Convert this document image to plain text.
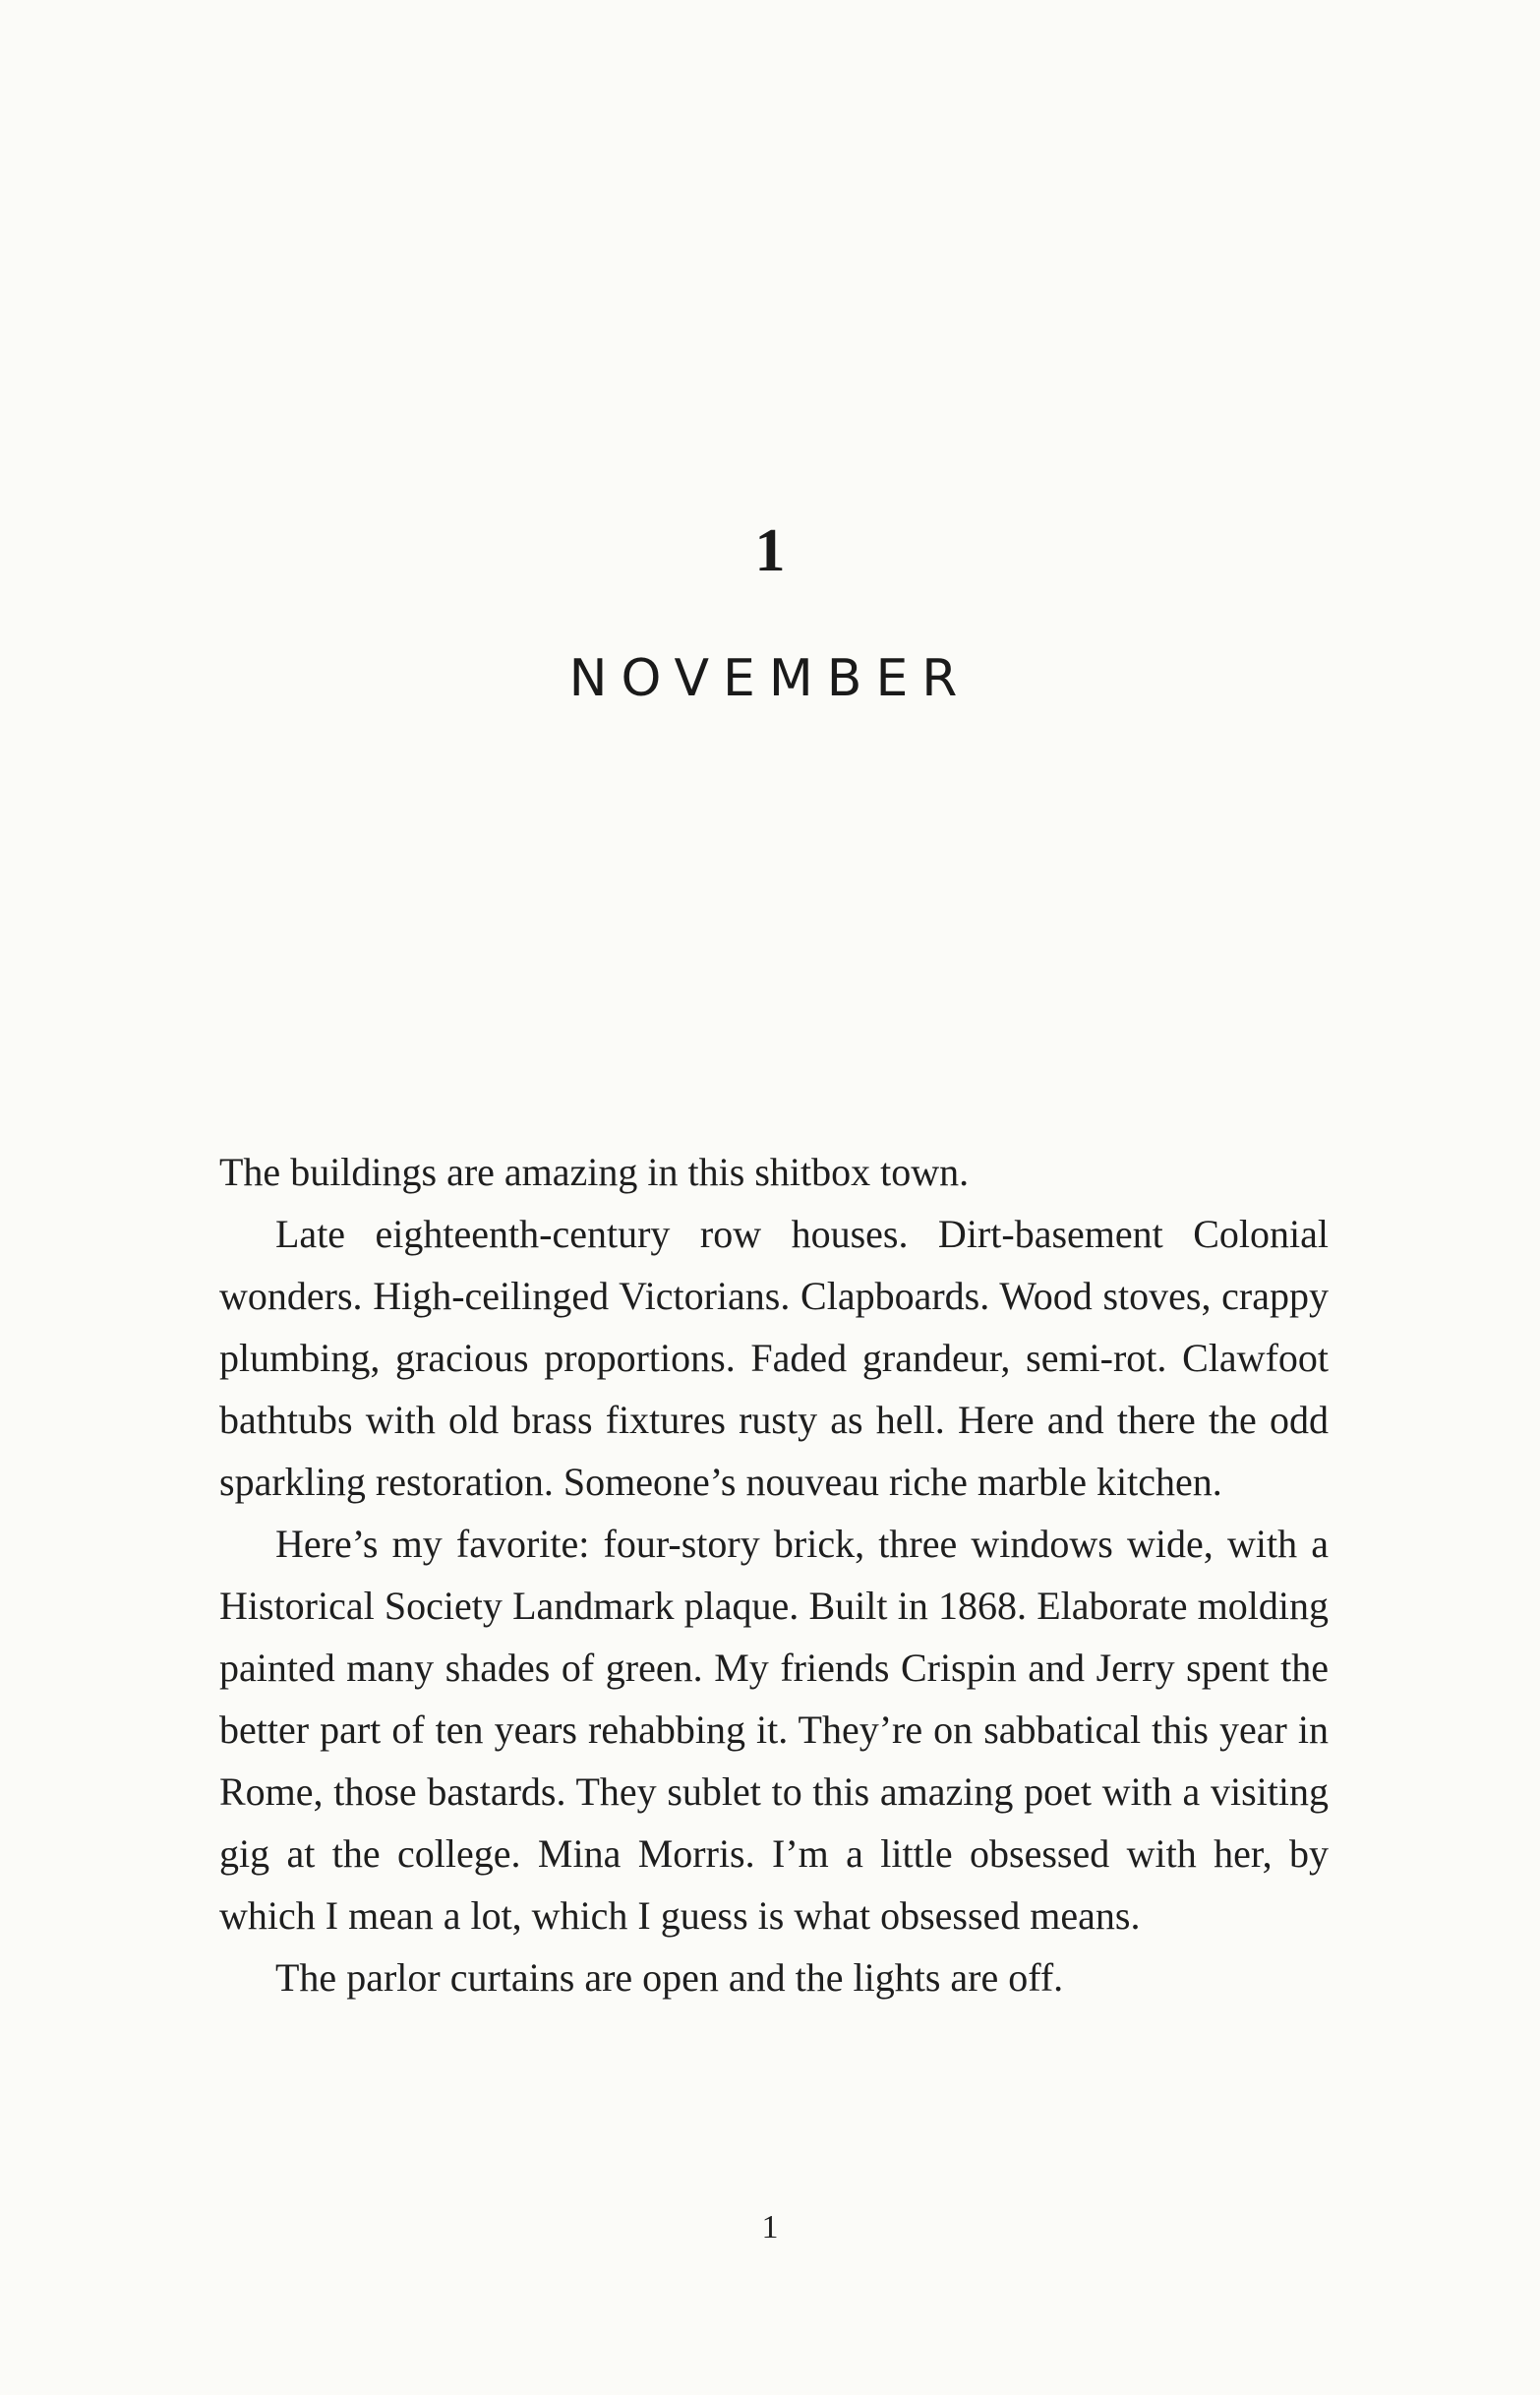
1
NOVEMBER

The buildings are amazing in this shitbox town.

Late eighteenth-century row houses. Dirt-basement Colonial wonders. High-ceilinged Victorians. Clapboards. Wood stoves, crappy plumbing, gracious proportions. Faded grandeur, semi-rot. Clawfoot bathtubs with old brass fixtures rusty as hell. Here and there the odd sparkling restoration. Someone’s nouveau riche marble kitchen.

Here’s my favorite: four-story brick, three windows wide, with a Historical Society Landmark plaque. Built in 1868. Elaborate molding painted many shades of green. My friends Crispin and Jerry spent the better part of ten years rehabbing it. They’re on sabbatical this year in Rome, those bastards. They sublet to this amazing poet with a visiting gig at the college. Mina Morris. I’m a little obsessed with her, by which I mean a lot, which I guess is what obsessed means.

The parlor curtains are open and the lights are off.

1
